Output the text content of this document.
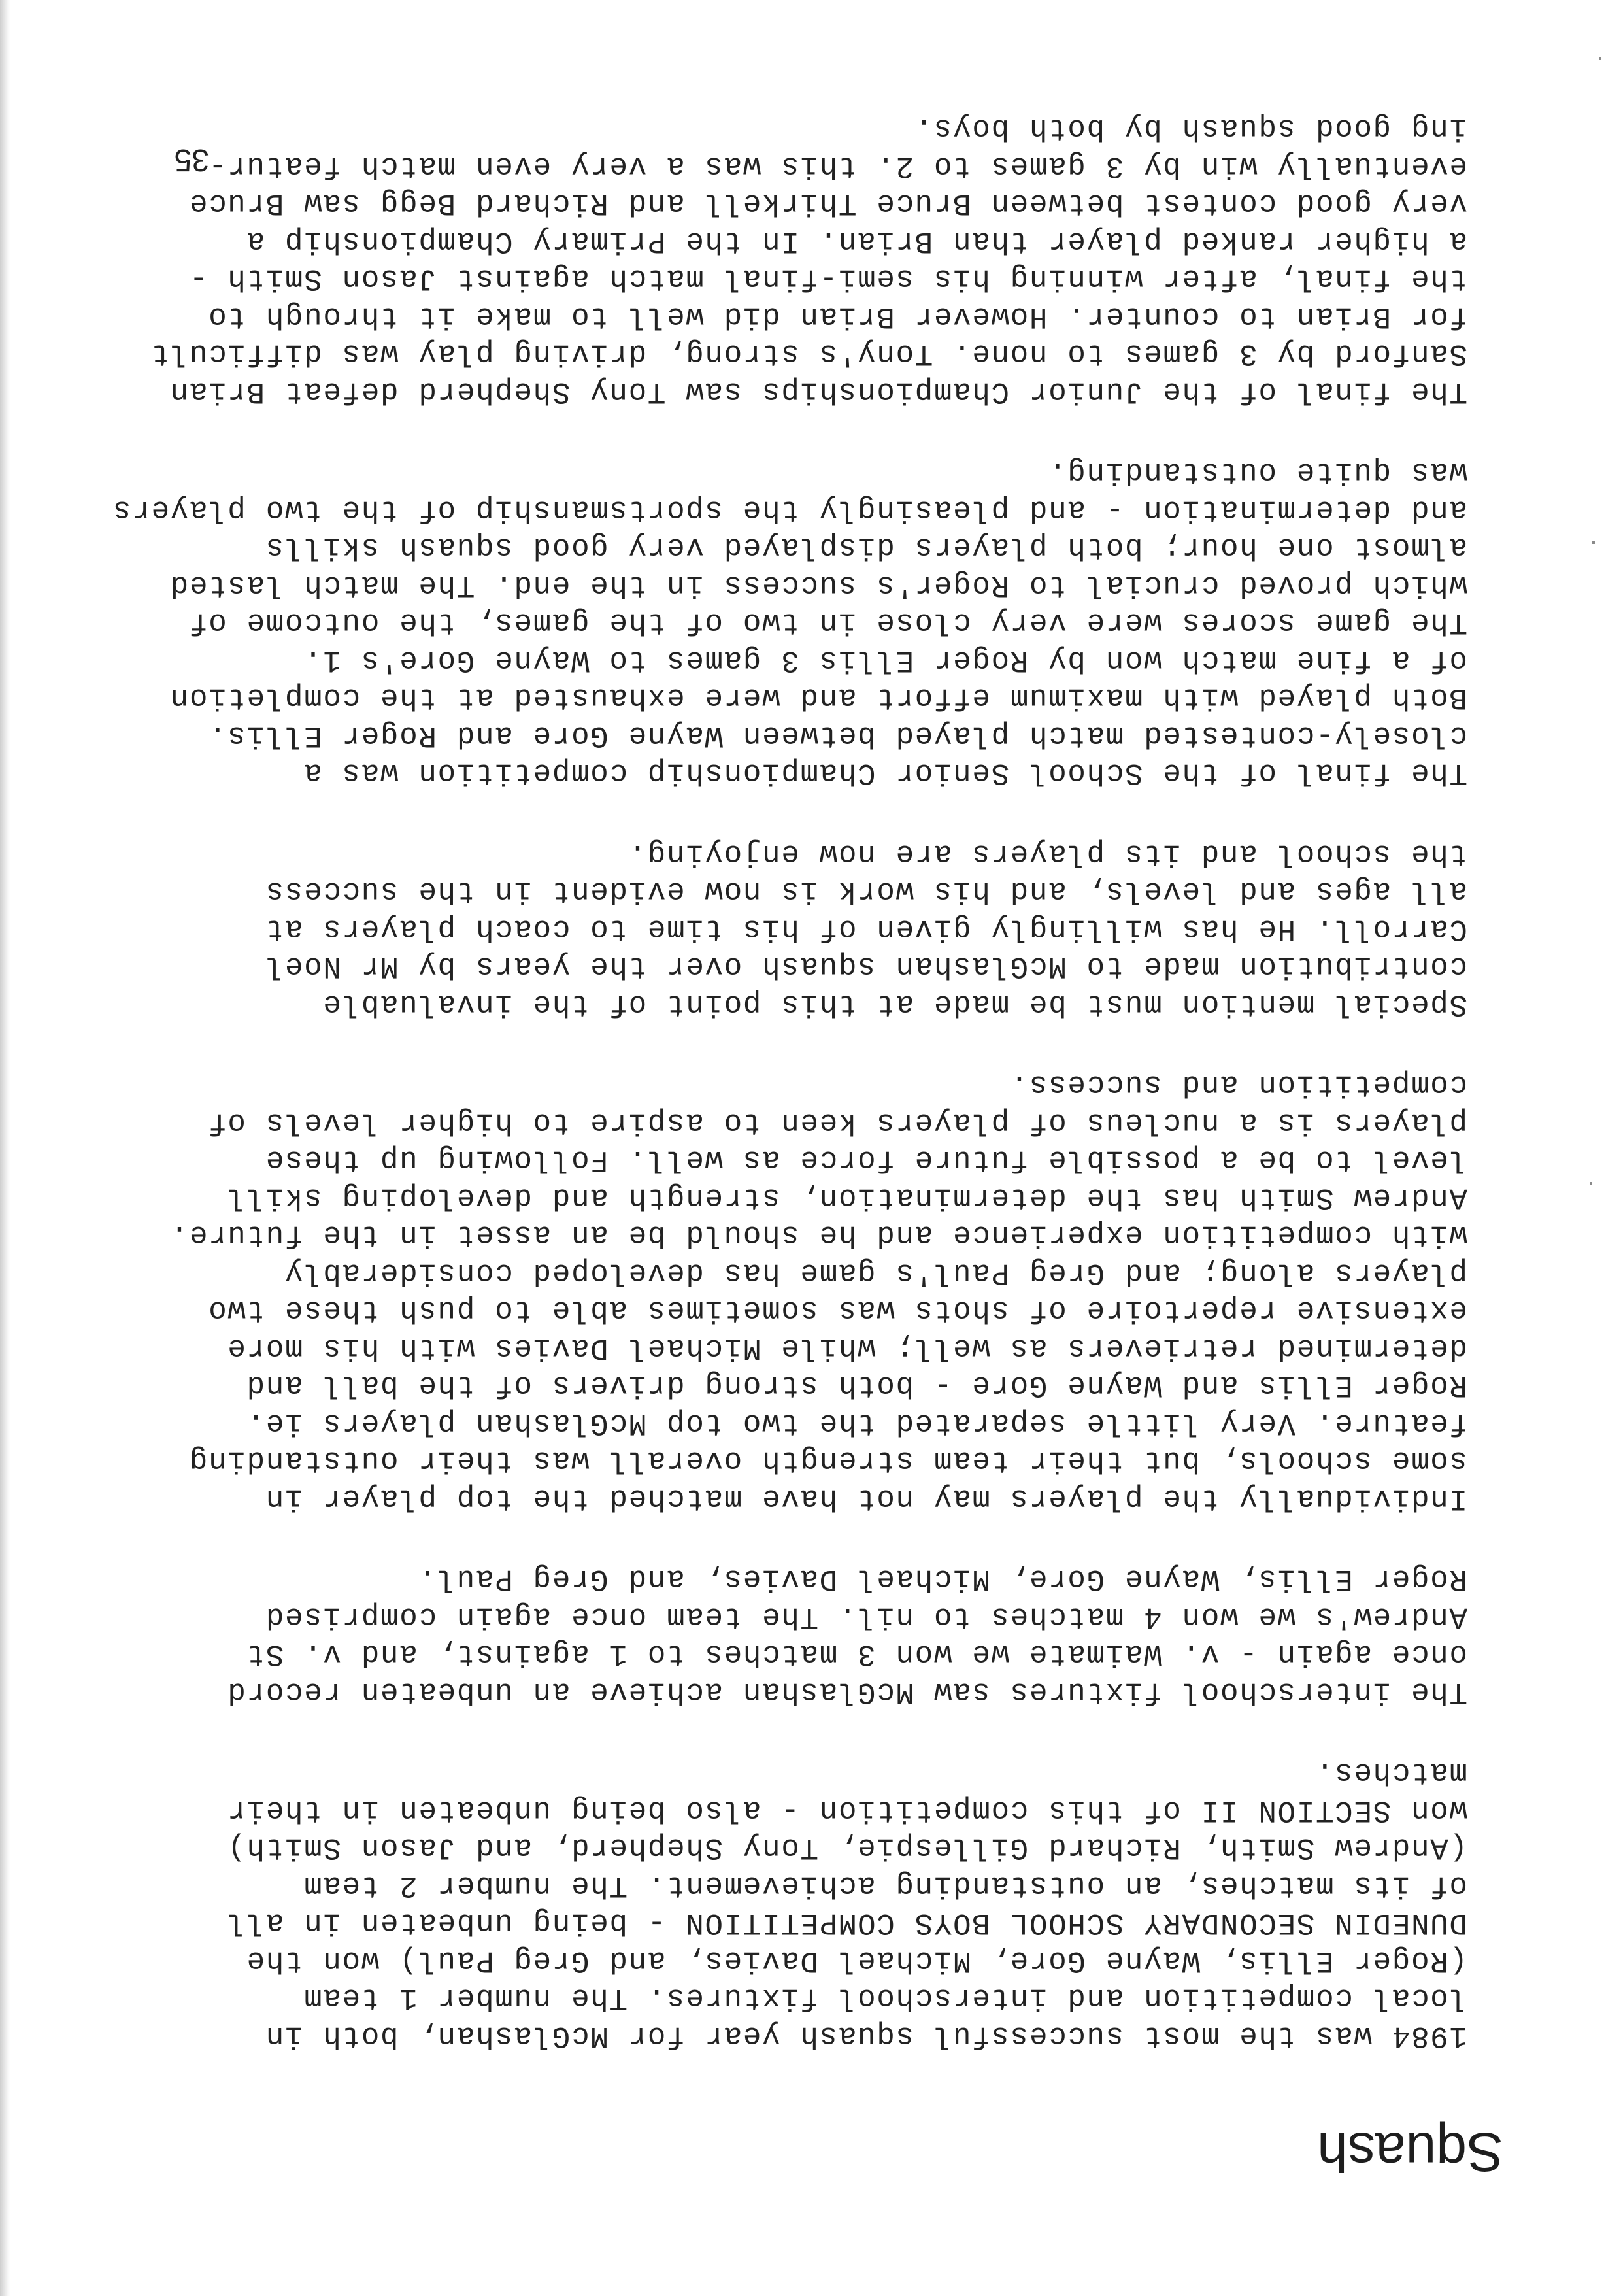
Squash
1984 was the most successful squash year for McGlashan, both in
local competition and interschool fixtures. The number 1 team
(Roger Ellis, Wayne Gore, Michael Davies, and Greg Paul) won the
DUNEDIN SECONDARY SCHOOL BOYS COMPETITION - being unbeaten in all
of its matches, an outstanding achievement. The number 2 team
(Andrew Smith, Richard Gillespie, Tony Shepherd, and Jason Smith)
won SECTION II of this competition - also being unbeaten in their
matches.
The interschool fixtures saw McGlashan achieve an unbeaten record
once again - v. Waimate we won 3 matches to 1 against, and v. St
Andrew's we won 4 matches to nil. The team once again comprised
Roger Ellis, Wayne Gore, Michael Davies, and Greg Paul.
Individually the players may not have matched the top player in
some schools, but their team strength overall was their outstanding
feature. Very little separated the two top McGlashan players ie.
Roger Ellis and Wayne Gore - both strong drivers of the ball and
determined retrievers as well; while Michael Davies with his more
extensive repertoire of shots was sometimes able to push these two
players along; and Greg Paul's game has developed considerably
with competition experience and he should be an asset in the future.
Andrew Smith has the determination, strength and developing skill
level to be a possible future force as well. Following up these
players is a nucleus of players keen to aspire to higher levels of
competition and success.
Special mention must be made at this point of the invaluable
contribution made to McGlashan squash over the years by Mr Noel
Carroll. He has willingly given of his time to coach players at
all ages and levels, and his work is now evident in the success
the school and its players are now enjoying.
The final of the School Senior Championship competition was a
closely-contested match played between Wayne Gore and Roger Ellis.
Both played with maximum effort and were exhausted at the completion
of a fine match won by Roger Ellis 3 games to Wayne Gore's 1.
The game scores were very close in two of the games, the outcome of
which proved crucial to Roger's success in the end. The match lasted
almost one hour; both players displayed very good squash skills
and determination - and pleasingly the sportsmanship of the two players
was quite outstanding.
The final of the Junior Championships saw Tony Shepherd defeat Brian
Sanford by 3 games to none. Tony's strong, driving play was difficult
for Brian to counter. However Brian did well to make it through to
the final, after winning his semi-final match against Jason Smith -
a higher ranked player than Brian. In the Primary Championship a
very good contest between Bruce Thirkell and Richard Begg saw Bruce
eventually win by 3 games to 2. this was a very even match featur-
ing good squash by both boys.
35
